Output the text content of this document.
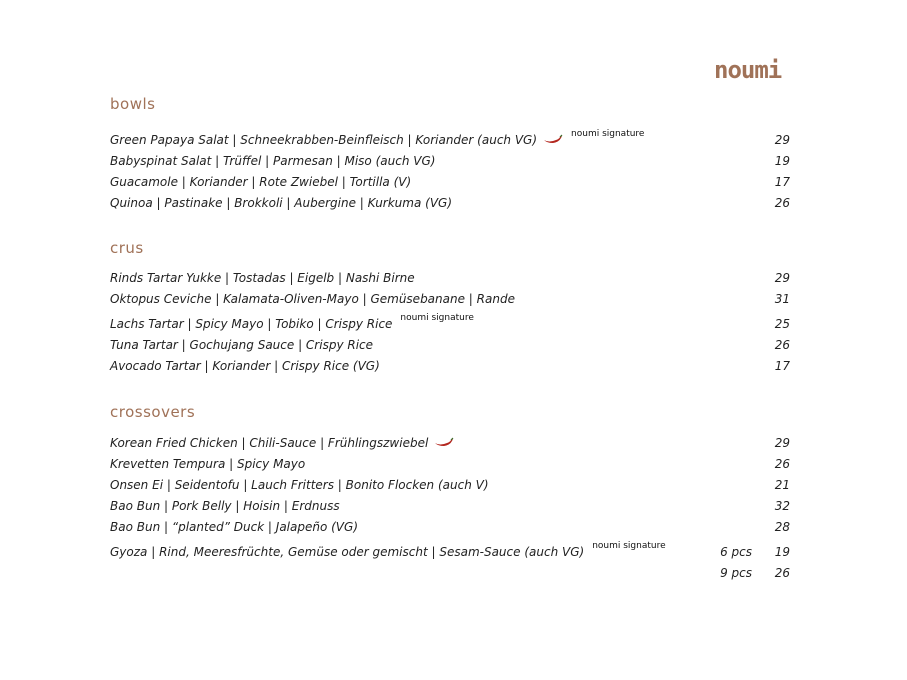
noumi
bowls
Green Papaya Salat | Schneekrabben-Beinfleisch | Koriander (auch VG)	$^{noumi signature}$	29
Babyspinat Salat | Trüffel | Parmesan | Miso (auch VG)	19
Guacamole | Koriander | Rote Zwiebel | Tortilla (V)	17
Quinoa | Pastinake | Brokkoli | Aubergine | Kurkuma (VG)	26
crus
Rinds Tartar Yukke | Tostadas | Eigelb | Nashi Birne	29
Oktopus Ceviche | Kalamata-Oliven-Mayo | Gemüsebanane | Rande	31
Lachs Tartar | Spicy Mayo | Tobiko | Crispy Rice $^{noumi signature}$	25
Tuna Tartar | Gochujang Sauce | Crispy Rice	26
Avocado Tartar | Koriander | Crispy Rice (VG)	17
crossovers
Korean Fried Chicken | Chili-Sauce | Frühlingszwiebel	29
Krevetten Tempura | Spicy Mayo	26
Onsen Ei | Seidentofu | Lauch Fritters | Bonito Flocken (auch V)	21
Bao Bun | Pork Belly | Hoisin | Erdnuss	32
Bao Bun | “planted” Duck | Jalapeño (VG)	28
Gyoza | Rind, Meeresfrüchte, Gemüse oder gemischt | Sesam-Sauce (auch VG) $^{noumi signature}$	6 pcs 19
9 pcs 26
